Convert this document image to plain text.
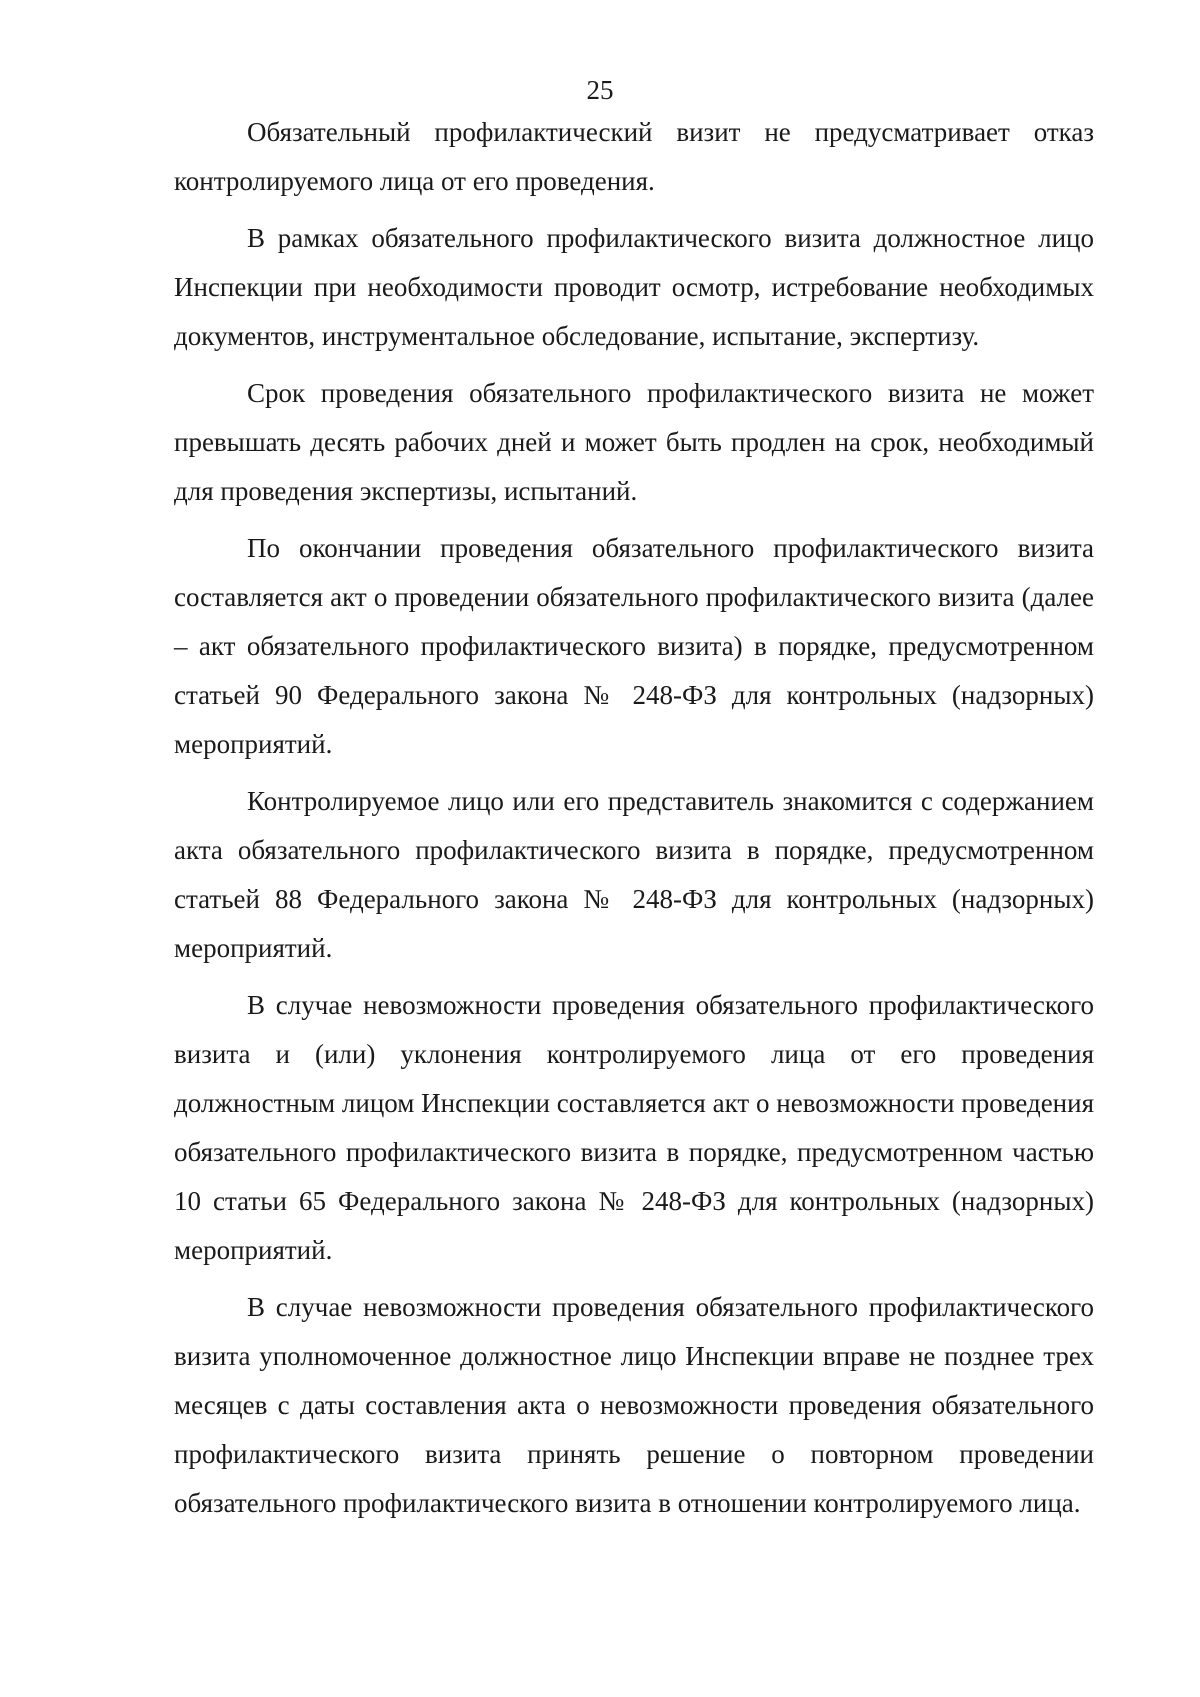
25

Обязательный профилактический визит не предусматривает отказ контролируемого лица от его проведения.

В рамках обязательного профилактического визита должностное лицо Инспекции при необходимости проводит осмотр, истребование необходимых документов, инструментальное обследование, испытание, экспертизу.

Срок проведения обязательного профилактического визита не может превышать десять рабочих дней и может быть продлен на срок, необходимый для проведения экспертизы, испытаний.

По окончании проведения обязательного профилактического визита составляется акт о проведении обязательного профилактического визита (далее – акт обязательного профилактического визита) в порядке, предусмотренном статьей 90 Федерального закона № 248-ФЗ для контрольных (надзорных) мероприятий.

Контролируемое лицо или его представитель знакомится с содержанием акта обязательного профилактического визита в порядке, предусмотренном статьей 88 Федерального закона № 248-ФЗ для контрольных (надзорных) мероприятий.

В случае невозможности проведения обязательного профилактического визита и (или) уклонения контролируемого лица от его проведения должностным лицом Инспекции составляется акт о невозможности проведения обязательного профилактического визита в порядке, предусмотренном частью 10 статьи 65 Федерального закона № 248-ФЗ для контрольных (надзорных) мероприятий.

В случае невозможности проведения обязательного профилактического визита уполномоченное должностное лицо Инспекции вправе не позднее трех месяцев с даты составления акта о невозможности проведения обязательного профилактического визита принять решение о повторном проведении обязательного профилактического визита в отношении контролируемого лица.
